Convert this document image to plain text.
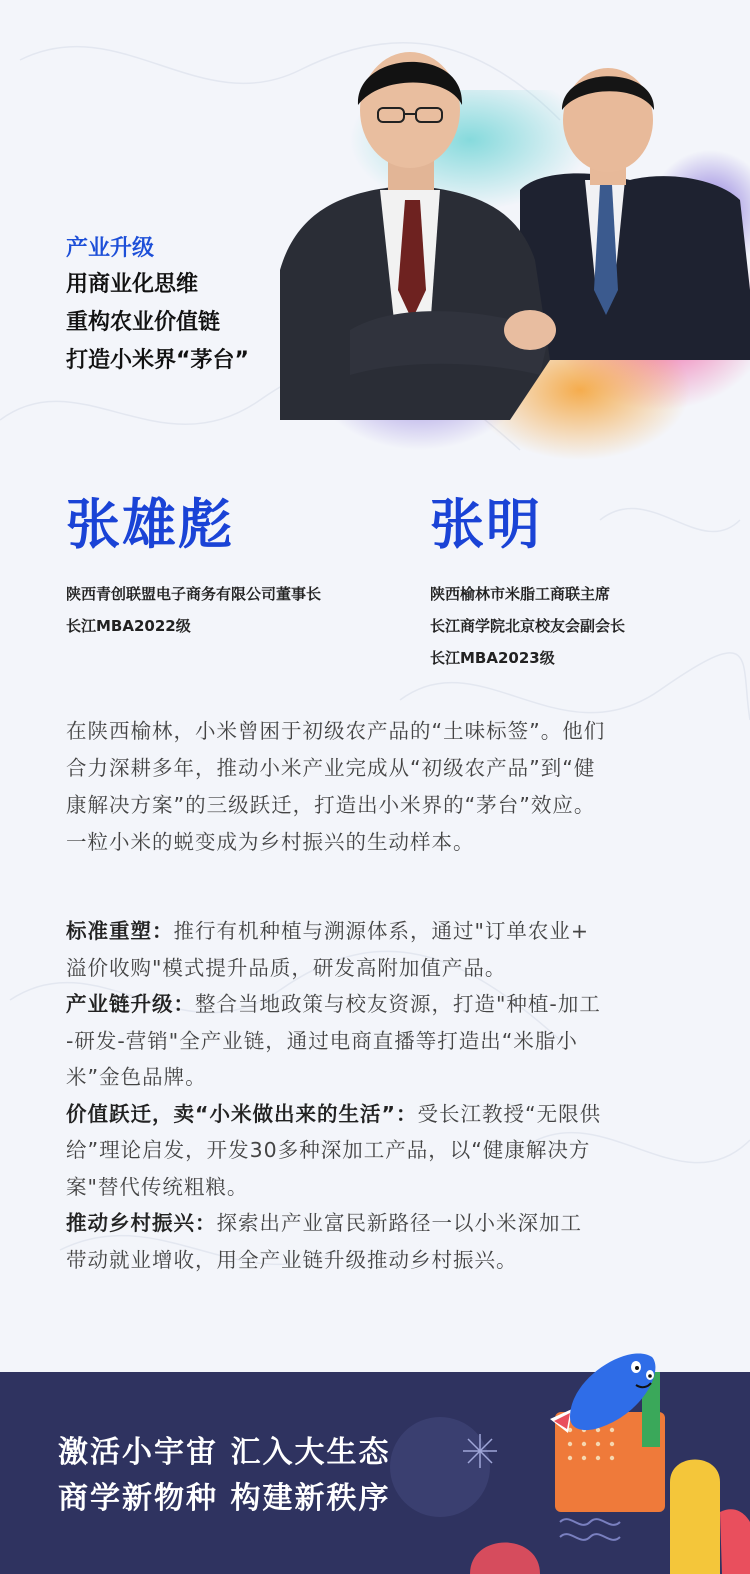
产业升级
用商业化思维
重构农业价值链
打造小米界“茅台”
张雄彪	张明
陕西青创联盟电子商务有限公司董事长
长江MBA2022级
陕西榆林市米脂工商联主席
长江商学院北京校友会副会长
长江MBA2023级

在陕西榆林，小米曾困于初级农产品的“土味标签”。他们

合力深耕多年，推动小米产业完成从“初级农产品”到“健

康解决方案”的三级跃迁，打造出小米界的“茅台”效应。

一粒小米的蜕变成为乡村振兴的生动样本。

标准重塑：推行有机种植与溯源体系，通过"订单农业+
溢价收购"模式提升品质，研发高附加值产品。
产业链升级：整合当地政策与校友资源，打造"种植-加工
-研发-营销"全产业链，通过电商直播等打造出“米脂小
米”金色品牌。
价值跃迁，卖“小米做出来的生活”：受长江教授“无限供
给”理论启发，开发30多种深加工产品，以“健康解决方
案"替代传统粗粮。
推动乡村振兴：探索出产业富民新路径一以小米深加工
带动就业增收，用全产业链升级推动乡村振兴。
激活小宇宙 汇入大生态
商学新物种 构建新秩序
